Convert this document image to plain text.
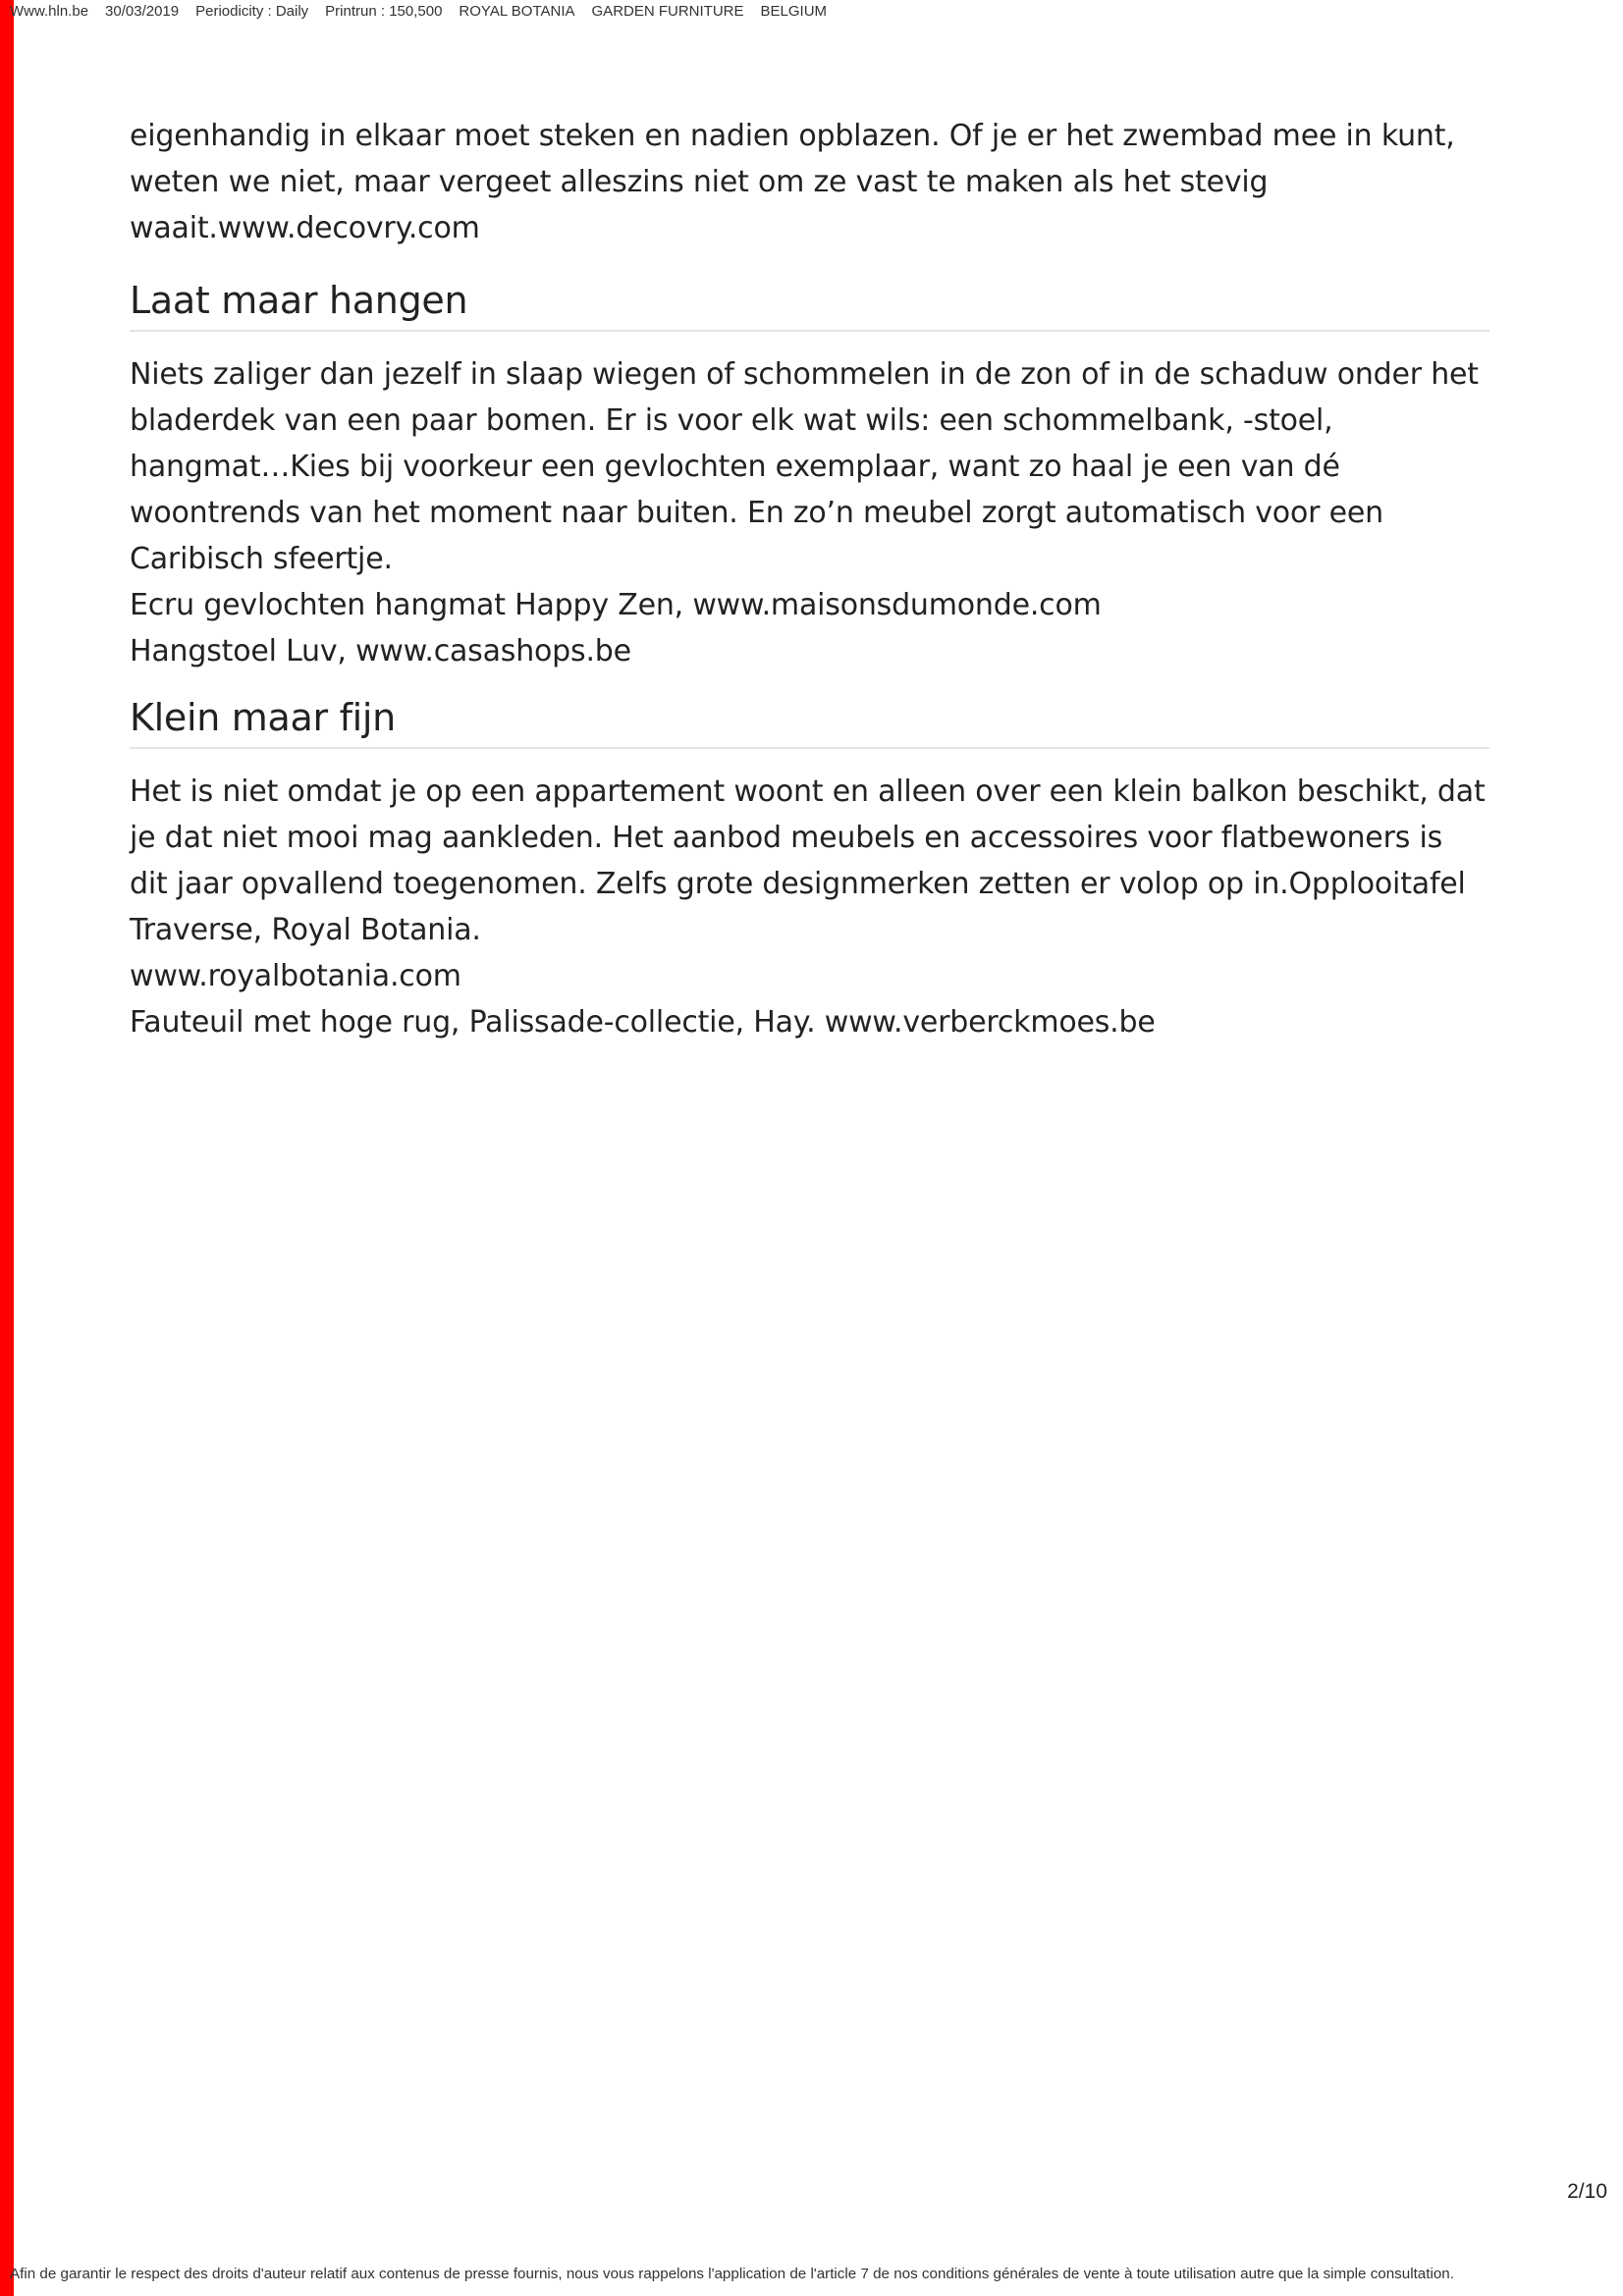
Www.hln.be 30/03/2019 Periodicity : Daily Printrun : 150,500 ROYAL BOTANIA GARDEN FURNITURE BELGIUM

eigenhandig in elkaar moet steken en nadien opblazen. Of je er het zwembad mee in kunt,

weten we niet, maar vergeet alleszins niet om ze vast te maken als het stevig

waait.www.decovry.com

Laat maar hangen

Niets zaliger dan jezelf in slaap wiegen of schommelen in de zon of in de schaduw onder het

bladerdek van een paar bomen. Er is voor elk wat wils: een schommelbank, -stoel,

hangmat…Kies bij voorkeur een gevlochten exemplaar, want zo haal je een van dé

woontrends van het moment naar buiten. En zo’n meubel zorgt automatisch voor een

Caribisch sfeertje.

Ecru gevlochten hangmat Happy Zen, www.maisonsdumonde.com

Hangstoel Luv, www.casashops.be

Klein maar fijn

Het is niet omdat je op een appartement woont en alleen over een klein balkon beschikt, dat

je dat niet mooi mag aankleden. Het aanbod meubels en accessoires voor flatbewoners is

dit jaar opvallend toegenomen. Zelfs grote designmerken zetten er volop op in.Opplooitafel

Traverse, Royal Botania.

www.royalbotania.com

Fauteuil met hoge rug, Palissade-collectie, Hay. www.verberckmoes.be

2/10
Afin de garantir le respect des droits d'auteur relatif aux contenus de presse fournis, nous vous rappelons l'application de l'article 7 de nos conditions générales de vente à toute utilisation autre que la simple consultation.
